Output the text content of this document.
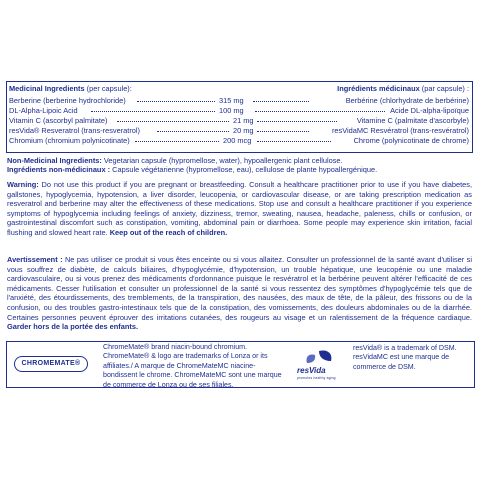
Medicinal Ingredients (per capsule):	Ingrédients médicinaux (par capsule) :
Berberine (berberine hydrochloride)	315 mg	Berbérine (chlorhydrate de berbérine)
DL-Alpha-Lipoic Acid	100 mg	Acide DL-alpha-lipoïque
Vitamin C (ascorbyl palmitate)	21 mg	Vitamine C (palmitate d'ascorbyle)
resVida® Resveratrol (trans-resveratrol)	20 mg	resVidaMC Resvératrol (trans-resvératrol)
Chromium (chromium polynicotinate)	200 mcg	Chrome (polynicotinate de chrome)
Non-Medicinal Ingredients: Vegetarian capsule (hypromellose, water), hypoallergenic plant cellulose.
Ingrédients non-médicinaux : Capsule végétarienne (hypromellose, eau), cellulose de plante hypoallergénique.
Warning: Do not use this product if you are pregnant or breastfeeding. Consult a healthcare practitioner prior to use if you have diabetes, gallstones, hypoglycemia, hypotension, a liver disorder, leucopenia, or cardiovascular disease, or are taking prescription medication as resveratrol and berberine may alter the effectiveness of these medications. Stop use and consult a healthcare practitioner if you experience symptoms of hypoglycemia including feelings of anxiety, dizziness, tremor, sweating, nausea, headache, paleness, chills or confusion, or gastrointestinal discomfort such as constipation, vomiting, abdominal pain or diarrhoea. Some people may experience skin irritation, facial flushing and slowed heart rate. Keep out of the reach of children.
Avertissement : Ne pas utiliser ce produit si vous êtes enceinte ou si vous allaitez. Consulter un professionnel de la santé avant d'utiliser si vous souffrez de diabète, de calculs biliaires, d'hypoglycémie, d'hypotension, un trouble hépatique, une leucopénie ou une maladie cardiovasculaire, ou si vous prenez des médicaments d'ordonnance puisque le resvératrol et la berbérine peuvent altérer l'efficacité de ces médicaments. Cesser l'utilisation et consulter un professionnel de la santé si vous ressentez des symptômes d'hypoglycémie tels que de l'anxiété, des étourdissements, des tremblements, de la transpiration, des nausées, des maux de tête, de la pâleur, des frissons ou de la confusion, ou des troubles gastro-intestinaux tels que de la constipation, des vomissements, des douleurs abdominales ou de la diarrhée. Certaines personnes peuvent éprouver des irritations cutanées, des rougeurs au visage et un ralentissement de la fréquence cardiaque. Garder hors de la portée des enfants.
CHROMEMATE®
ChromeMate® brand niacin-bound chromium. ChromeMate® & logo are trademarks of Lonza or its affiliates./ A marque de ChromeMateMC niacine-bondissent le chrome. ChromeMateMC sont une marque de commerce de Lonza ou de ses filiales.
resVida
promotes healthy aging
resVida® is a trademark of DSM. resVidaMC est une marque de commerce de DSM.
